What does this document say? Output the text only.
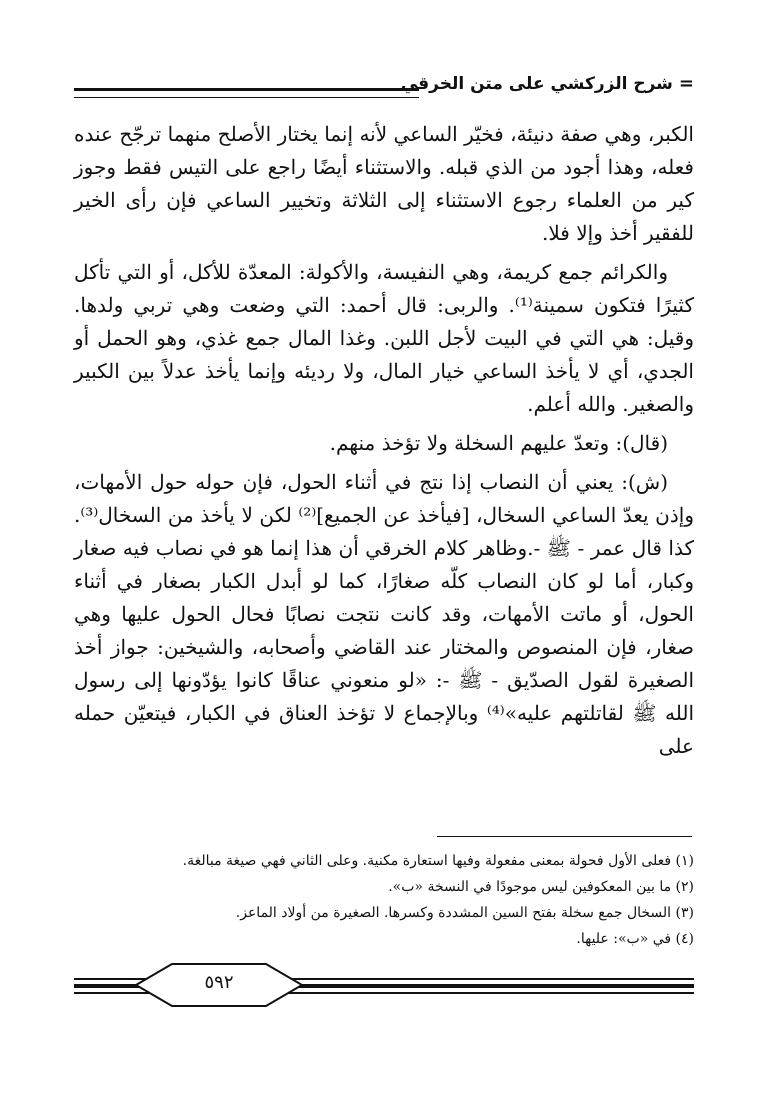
=
شرح الزركشي على متن الخرقي

الكبر، وهي صفة دنيئة، فخيّر الساعي لأنه إنما يختار الأصلح منهما ترجّح عنده فعله، وهذا أجود من الذي قبله. والاستثناء أيضًا راجع على التيس فقط وجوز كير من العلماء رجوع الاستثناء إلى الثلاثة وتخيير الساعي فإن رأى الخير للفقير أخذ وإلا فلا.

والكرائم جمع كريمة، وهي النفيسة، والأكولة: المعدّة للأكل، أو التي تأكل كثيرًا فتكون سمينة⁽¹⁾. والربى: قال أحمد: التي وضعت وهي تربي ولدها. وقيل: هي التي في البيت لأجل اللبن. وغذا المال جمع غذي، وهو الحمل أو الجدي، أي لا يأخذ الساعي خيار المال، ولا رديئه وإنما يأخذ عدلاً بين الكبير والصغير. والله أعلم.

(قال): وتعدّ عليهم السخلة ولا تؤخذ منهم.

(ش): يعني أن النصاب إذا نتج في أثناء الحول، فإن حوله حول الأمهات، وإذن يعدّ الساعي السخال، [فيأخذ عن الجميع]⁽²⁾ لكن لا يأخذ من السخال⁽³⁾. كذا قال عمر - ﷺ -.وظاهر كلام الخرقي أن هذا إنما هو في نصاب فيه صغار وكبار، أما لو كان النصاب كلّه صغارًا، كما لو أبدل الكبار بصغار في أثناء الحول، أو ماتت الأمهات، وقد كانت نتجت نصابًا فحال الحول عليها وهي صغار، فإن المنصوص والمختار عند القاضي وأصحابه، والشيخين: جواز أخذ الصغيرة لقول الصدّيق - ﷺ -: «لو منعوني عناقًا كانوا يؤدّونها إلى رسول الله ﷺ لقاتلتهم عليه»⁽⁴⁾ وبالإجماع لا تؤخذ العناق في الكبار، فيتعيّن حمله على

(١) فعلى الأول فحولة بمعنى مفعولة وفيها استعارة مكنية. وعلى الثاني فهي صيغة مبالغة.
(٢) ما بين المعكوفين ليس موجودًا في النسخة «ب».
(٣) السخال جمع سخلة بفتح السين المشددة وكسرها. الصغيرة من أولاد الماعز.
(٤) في «ب»: عليها.
٥٩٢
